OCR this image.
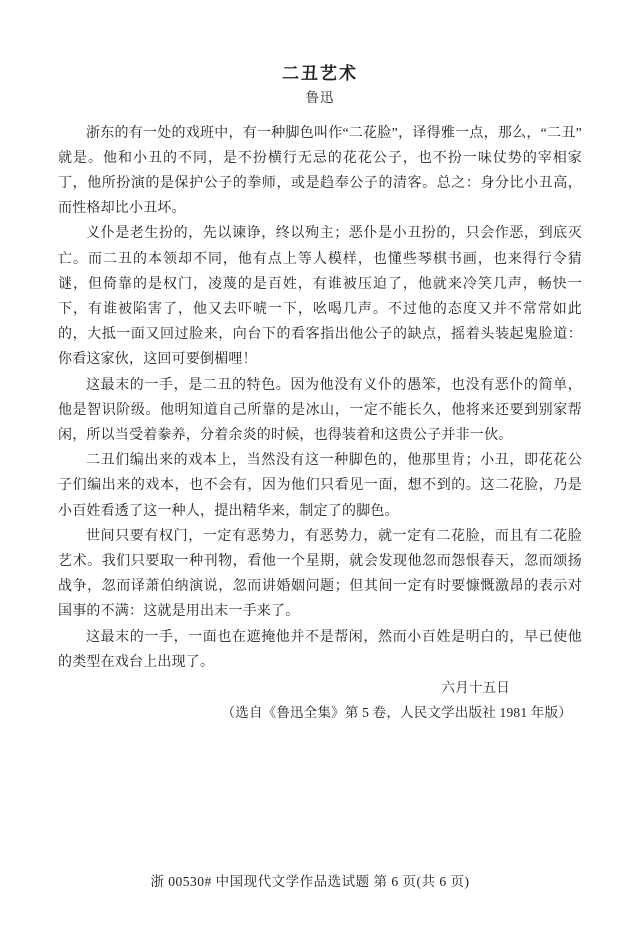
二丑艺术
鲁迅

浙东的有一处的戏班中，有一种脚色叫作“二花脸”，译得雅一点，那么，“二丑”就是。他和小丑的不同，是不扮横行无忌的花花公子，也不扮一味仗势的宰相家丁，他所扮演的是保护公子的拳师，或是趋奉公子的清客。总之：身分比小丑高，而性格却比小丑坏。

义仆是老生扮的，先以谏诤，终以殉主；恶仆是小丑扮的，只会作恶，到底灭亡。而二丑的本领却不同，他有点上等人模样，也懂些琴棋书画，也来得行令猜谜，但倚靠的是权门，凌蔑的是百姓，有谁被压迫了，他就来冷笑几声，畅快一下，有谁被陷害了，他又去吓唬一下，吆喝几声。不过他的态度又并不常常如此的，大抵一面又回过脸来，向台下的看客指出他公子的缺点，摇着头装起鬼脸道：你看这家伙，这回可要倒楣哩！

这最末的一手，是二丑的特色。因为他没有义仆的愚笨，也没有恶仆的简单，他是智识阶级。他明知道自己所靠的是冰山，一定不能长久，他将来还要到别家帮闲，所以当受着豢养，分着余炎的时候，也得装着和这贵公子并非一伙。

二丑们编出来的戏本上，当然没有这一种脚色的，他那里肯；小丑，即花花公子们编出来的戏本，也不会有，因为他们只看见一面，想不到的。这二花脸，乃是小百姓看透了这一种人，提出精华来，制定了的脚色。

世间只要有权门，一定有恶势力，有恶势力，就一定有二花脸，而且有二花脸艺术。我们只要取一种刊物，看他一个星期，就会发现他忽而怨恨春天，忽而颂扬战争，忽而译萧伯纳演说，忽而讲婚姻问题；但其间一定有时要慷慨激昂的表示对国事的不满：这就是用出末一手来了。

这最末的一手，一面也在遮掩他并不是帮闲，然而小百姓是明白的，早已使他的类型在戏台上出现了。

六月十五日
（选自《鲁迅全集》第 5 卷，人民文学出版社 1981 年版）
浙 00530# 中国现代文学作品选试题 第 6 页(共 6 页)
